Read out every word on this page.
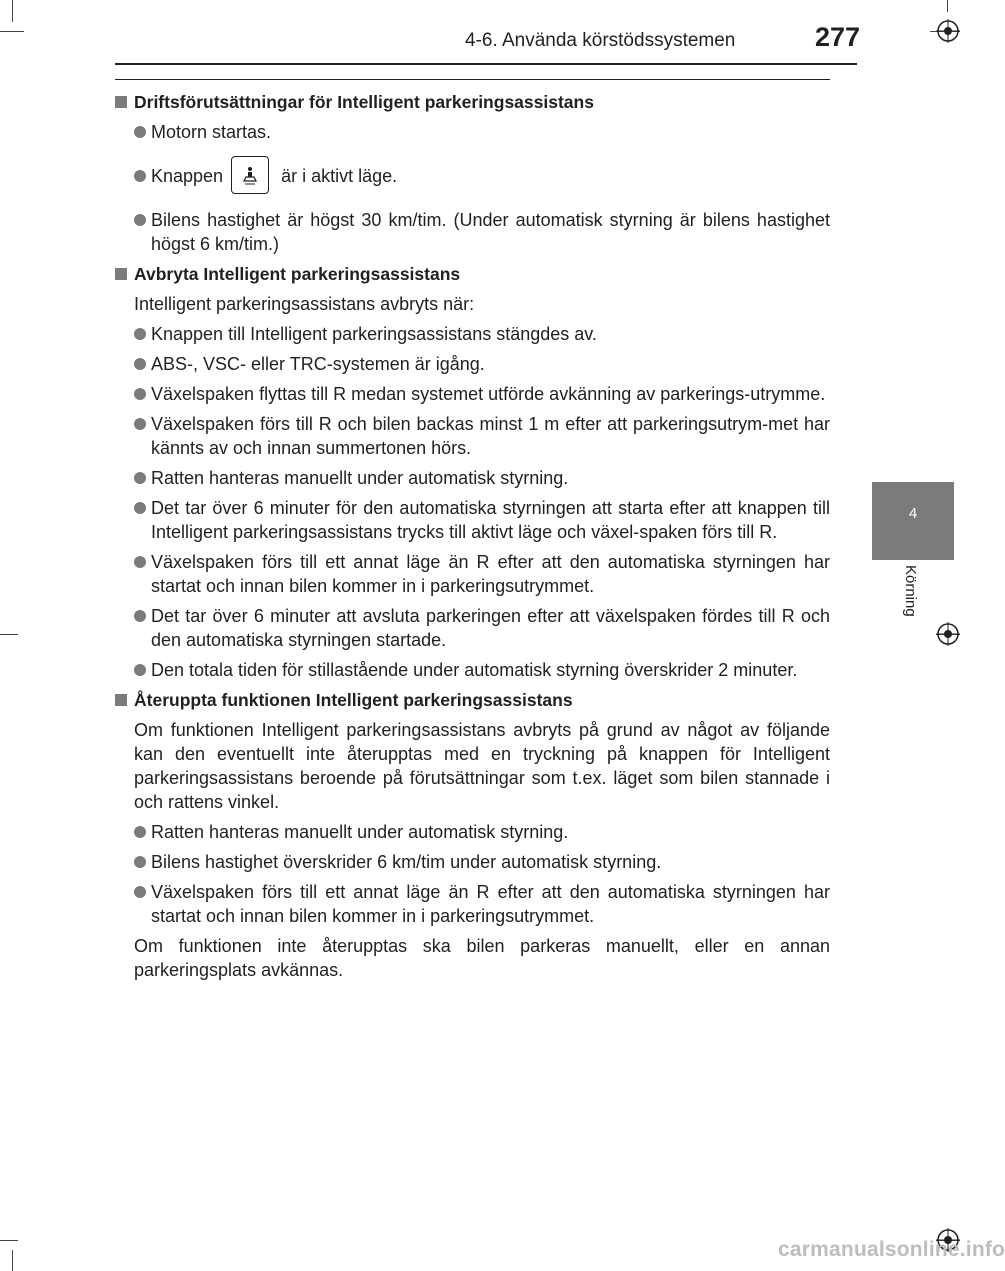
4-6. Använda körstödssystemen	277
4
Körning
Driftsförutsättningar för Intelligent parkeringsassistans
Motorn startas.
Knappen	är i aktivt läge.
Bilens hastighet är högst 30 km/tim. (Under automatisk styrning är bilens hastighet högst 6 km/tim.)
Avbryta Intelligent parkeringsassistans
Intelligent parkeringsassistans avbryts när:
Knappen till Intelligent parkeringsassistans stängdes av.
ABS-, VSC- eller TRC-systemen är igång.
Växelspaken flyttas till R medan systemet utförde avkänning av parkerings-utrymme.
Växelspaken förs till R och bilen backas minst 1 m efter att parkeringsutrym-met har kännts av och innan summertonen hörs.
Ratten hanteras manuellt under automatisk styrning.
Det tar över 6 minuter för den automatiska styrningen att starta efter att knappen till Intelligent parkeringsassistans trycks till aktivt läge och växel-spaken förs till R.
Växelspaken förs till ett annat läge än R efter att den automatiska styrningen har startat och innan bilen kommer in i parkeringsutrymmet.
Det tar över 6 minuter att avsluta parkeringen efter att växelspaken fördes till R och den automatiska styrningen startade.
Den totala tiden för stillastående under automatisk styrning överskrider 2 minuter.
Återuppta funktionen Intelligent parkeringsassistans
Om funktionen Intelligent parkeringsassistans avbryts på grund av något av följande kan den eventuellt inte återupptas med en tryckning på knappen för Intelligent parkeringsassistans beroende på förutsättningar som t.ex. läget som bilen stannade i och rattens vinkel.
Ratten hanteras manuellt under automatisk styrning.
Bilens hastighet överskrider 6 km/tim under automatisk styrning.
Växelspaken förs till ett annat läge än R efter att den automatiska styrningen har startat och innan bilen kommer in i parkeringsutrymmet.
Om funktionen inte återupptas ska bilen parkeras manuellt, eller en annan parkeringsplats avkännas.
carmanualsonline.info
